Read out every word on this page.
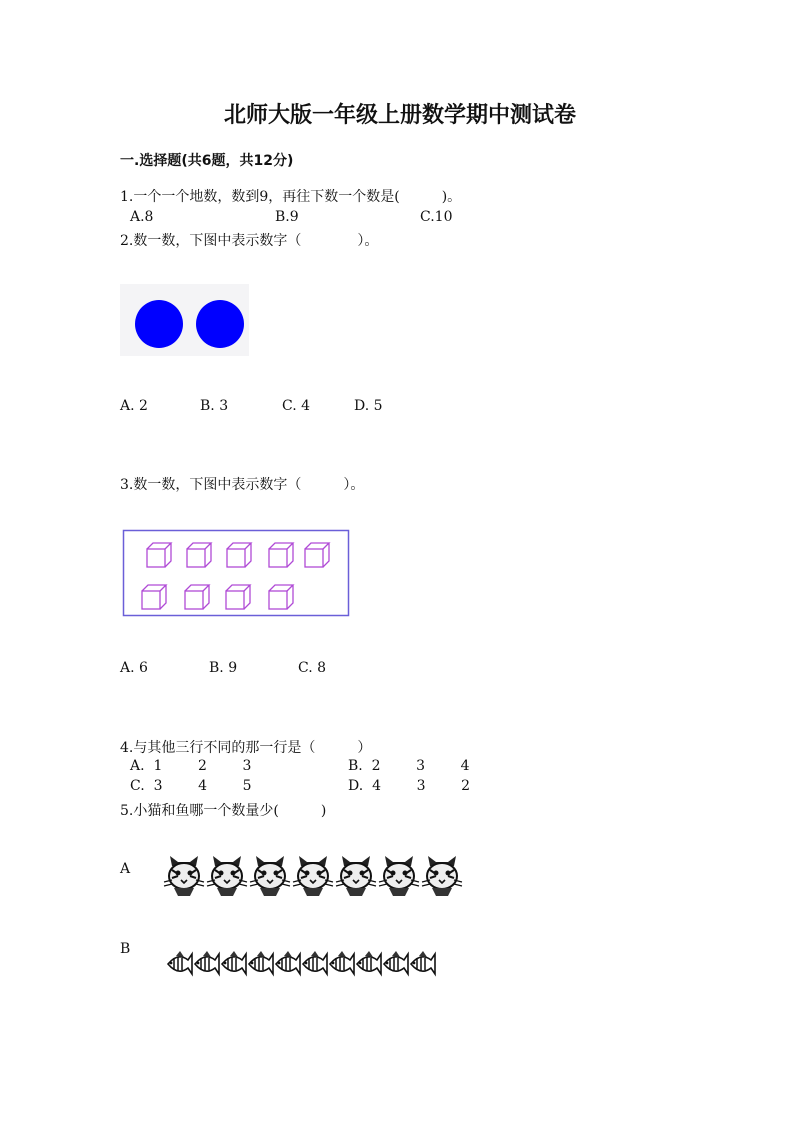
北师大版一年级上册数学期中测试卷
一.选择题(共6题，共12分)
1.一个一个地数，数到9，再往下数一个数是(　　　)。
A.8	B.9	C.10
2.数一数，下图中表示数字（　　　　）。
A. 2	B. 3	C. 4	D. 5
3.数一数，下图中表示数字（　　　）。
A. 6	B. 9	C. 8
4.与其他三行不同的那一行是（　　　）
A.  1        2        3	B.  2        3        4
C.  3        4        5	D.  4        3        2
5.小猫和鱼哪一个数量少(　　　)
A
B
